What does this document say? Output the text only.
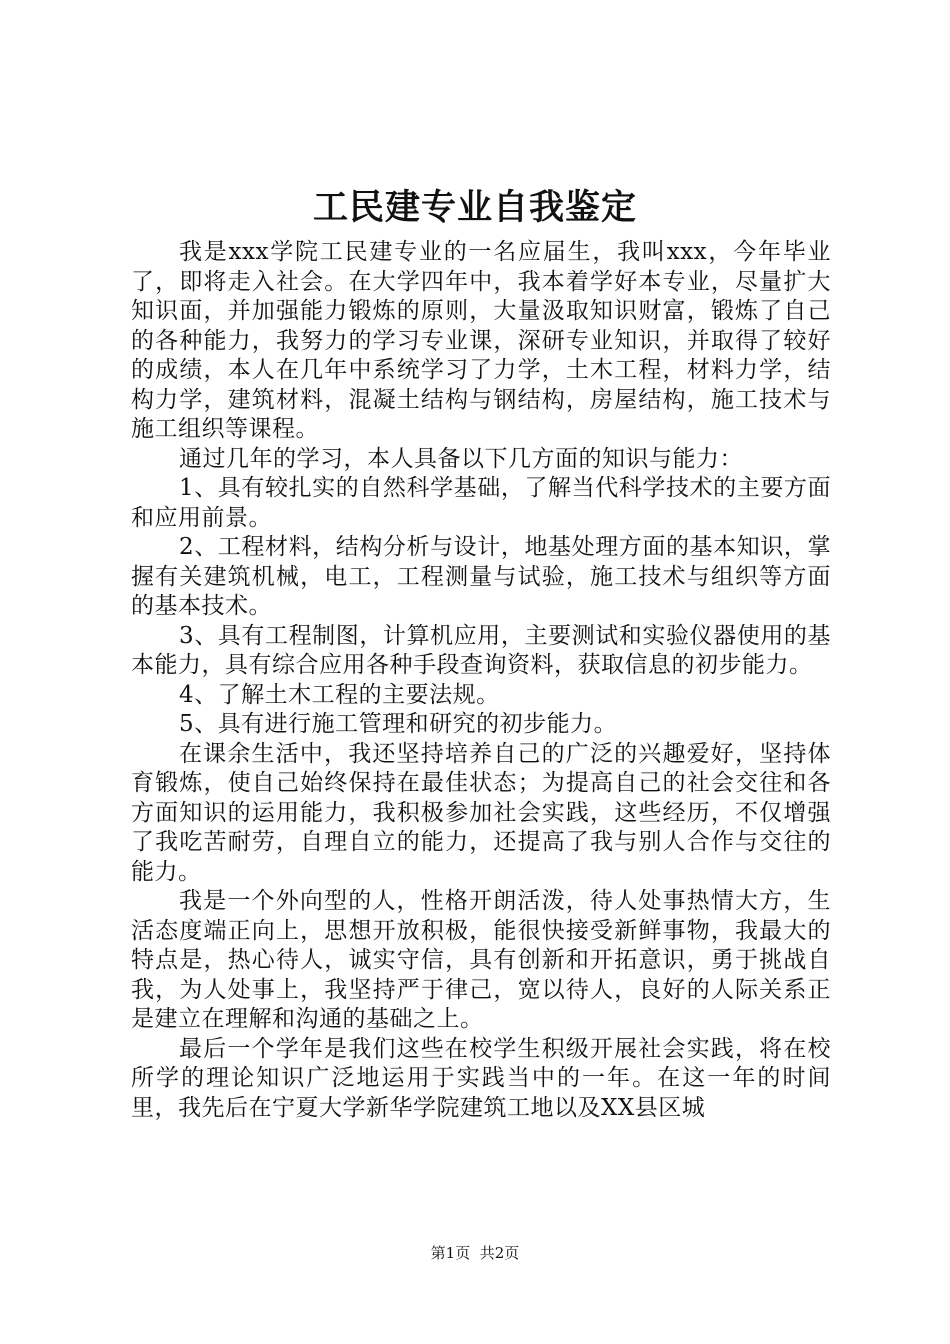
工民建专业自我鉴定

我是xxx学院工民建专业的一名应届生，我叫xxx，今年毕业了，即将走入社会。在大学四年中，我本着学好本专业，尽量扩大知识面，并加强能力锻炼的原则，大量汲取知识财富，锻炼了自己的各种能力，我努力的学习专业课，深研专业知识，并取得了较好的成绩，本人在几年中系统学习了力学，土木工程，材料力学，结构力学，建筑材料，混凝土结构与钢结构，房屋结构，施工技术与施工组织等课程。

通过几年的学习，本人具备以下几方面的知识与能力：

1、具有较扎实的自然科学基础，了解当代科学技术的主要方面和应用前景。

2、工程材料，结构分析与设计，地基处理方面的基本知识，掌握有关建筑机械，电工，工程测量与试验，施工技术与组织等方面的基本技术。

3、具有工程制图，计算机应用，主要测试和实验仪器使用的基本能力，具有综合应用各种手段查询资料，获取信息的初步能力。

4、了解土木工程的主要法规。

5、具有进行施工管理和研究的初步能力。

在课余生活中，我还坚持培养自己的广泛的兴趣爱好，坚持体育锻炼，使自己始终保持在最佳状态；为提高自己的社会交往和各方面知识的运用能力，我积极参加社会实践，这些经历，不仅增强了我吃苦耐劳，自理自立的能力，还提高了我与别人合作与交往的能力。

我是一个外向型的人，性格开朗活泼，待人处事热情大方，生活态度端正向上，思想开放积极，能很快接受新鲜事物，我最大的特点是，热心待人，诚实守信，具有创新和开拓意识，勇于挑战自我，为人处事上，我坚持严于律己，宽以待人，良好的人际关系正是建立在理解和沟通的基础之上。

最后一个学年是我们这些在校学生积级开展社会实践，将在校所学的理论知识广泛地运用于实践当中的一年。在这一年的时间里，我先后在宁夏大学新华学院建筑工地以及XX县区城

第1页 共2页
